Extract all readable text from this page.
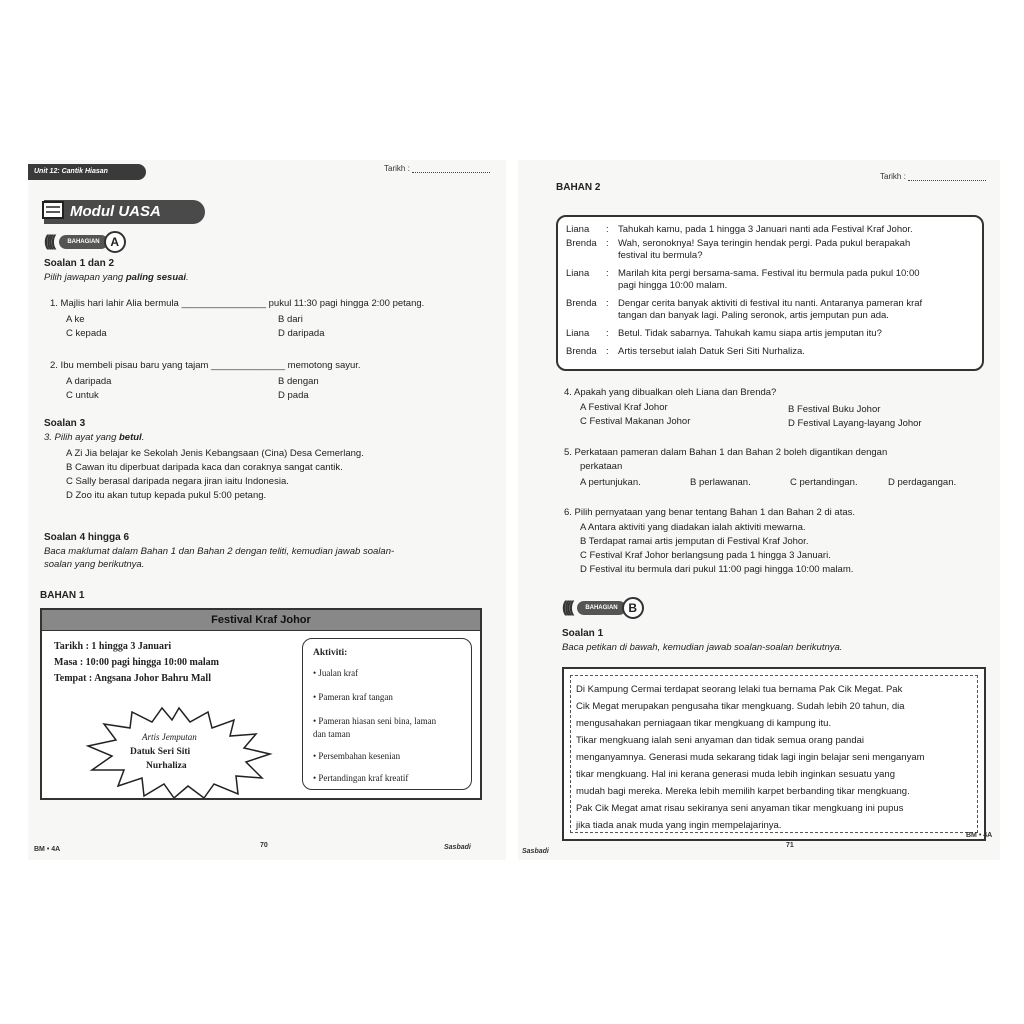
Unit 12: Cantik Hiasan	Tarikh :
Modul UASA
((((	BAHAGIAN A
Soalan 1 dan 2
Pilih jawapan yang paling sesuai.
1. Majlis hari lahir Alia bermula ________________ pukul 11:30 pagi hingga 2:00 petang.
A ke	B dari
C kepada	D daripada
2. Ibu membeli pisau baru yang tajam ______________ memotong sayur.
A daripada	B dengan
C untuk	D pada
Soalan 3
3. Pilih ayat yang betul.
A Zi Jia belajar ke Sekolah Jenis Kebangsaan (Cina) Desa Cemerlang.
B Cawan itu diperbuat daripada kaca dan coraknya sangat cantik.
C Sally berasal daripada negara jiran iaitu Indonesia.
D Zoo itu akan tutup kepada pukul 5:00 petang.
Soalan 4 hingga 6
Baca maklumat dalam Bahan 1 dan Bahan 2 dengan teliti, kemudian jawab soalan-
soalan yang berikutnya.
BAHAN 1
Festival Kraf Johor
Tarikh : 1 hingga 3 Januari
Masa : 10:00 pagi hingga 10:00 malam
Tempat : Angsana Johor Bahru Mall
Artis Jemputan
Datuk Seri Siti
Nurhaliza
Aktiviti:
• Jualan kraf
• Pameran kraf tangan
• Pameran hiasan seni bina, laman
dan taman
• Persembahan kesenian
• Pertandingan kraf kreatif
BM • 4A
70	Sasbadi
Tarikh :
BAHAN 2
Liana : Tahukah kamu, pada 1 hingga 3 Januari nanti ada Festival Kraf Johor.
Brenda : Wah, seronoknya! Saya teringin hendak pergi. Pada pukul berapakah
festival itu bermula?
Liana : Marilah kita pergi bersama-sama. Festival itu bermula pada pukul 10:00
pagi hingga 10:00 malam.
Brenda : Dengar cerita banyak aktiviti di festival itu nanti. Antaranya pameran kraf
tangan dan banyak lagi. Paling seronok, artis jemputan pun ada.
Liana : Betul. Tidak sabarnya. Tahukah kamu siapa artis jemputan itu?
Brenda : Artis tersebut ialah Datuk Seri Siti Nurhaliza.
4. Apakah yang dibualkan oleh Liana dan Brenda?
A Festival Kraf Johor	B Festival Buku Johor
C Festival Makanan Johor	D Festival Layang-layang Johor
5. Perkataan pameran dalam Bahan 1 dan Bahan 2 boleh digantikan dengan
perkataan
A pertunjukan.	B perlawanan.	C pertandingan.	D perdagangan.
6. Pilih pernyataan yang benar tentang Bahan 1 dan Bahan 2 di atas.
A Antara aktiviti yang diadakan ialah aktiviti mewarna.
B Terdapat ramai artis jemputan di Festival Kraf Johor.
C Festival Kraf Johor berlangsung pada 1 hingga 3 Januari.
D Festival itu bermula dari pukul 11:00 pagi hingga 10:00 malam.
((((	BAHAGIAN B
Soalan 1
Baca petikan di bawah, kemudian jawab soalan-soalan berikutnya.
Di Kampung Cermai terdapat seorang lelaki tua bernama Pak Cik Megat. Pak
Cik Megat merupakan pengusaha tikar mengkuang. Sudah lebih 20 tahun, dia
mengusahakan perniagaan tikar mengkuang di kampung itu.
Tikar mengkuang ialah seni anyaman dan tidak semua orang pandai
menganyamnya. Generasi muda sekarang tidak lagi ingin belajar seni menganyam
tikar mengkuang. Hal ini kerana generasi muda lebih inginkan sesuatu yang
mudah bagi mereka. Mereka lebih memilih karpet berbanding tikar mengkuang.
Pak Cik Megat amat risau sekiranya seni anyaman tikar mengkuang ini pupus
jika tiada anak muda yang ingin mempelajarinya.
Sasbadi
71
BM • 4A
